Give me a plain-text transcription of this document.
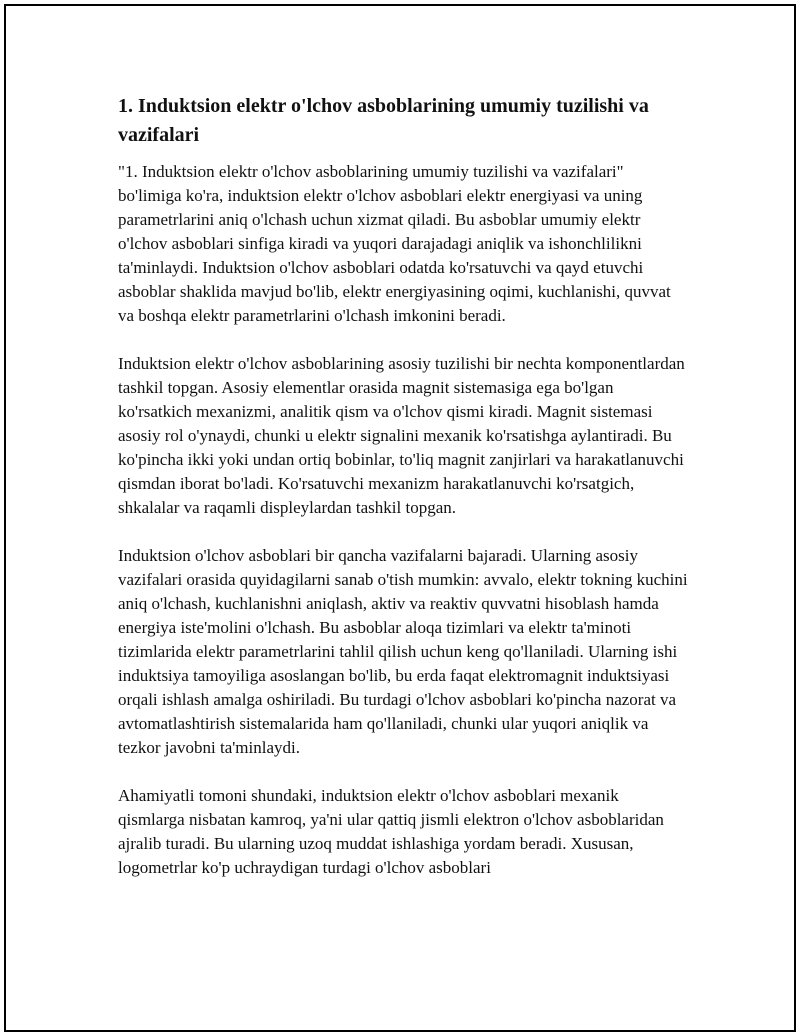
1. Induktsion elektr o'lchov asboblarining umumiy tuzilishi va vazifalari

"1. Induktsion elektr o'lchov asboblarining umumiy tuzilishi va vazifalari" bo'limiga ko'ra, induktsion elektr o'lchov asboblari elektr energiyasi va uning parametrlarini aniq o'lchash uchun xizmat qiladi. Bu asboblar umumiy elektr o'lchov asboblari sinfiga kiradi va yuqori darajadagi aniqlik va ishonchlilikni ta'minlaydi. Induktsion o'lchov asboblari odatda ko'rsatuvchi va qayd etuvchi asboblar shaklida mavjud bo'lib, elektr energiyasining oqimi, kuchlanishi, quvvat va boshqa elektr parametrlarini o'lchash imkonini beradi.

Induktsion elektr o'lchov asboblarining asosiy tuzilishi bir nechta komponentlardan tashkil topgan. Asosiy elementlar orasida magnit sistemasiga ega bo'lgan ko'rsatkich mexanizmi, analitik qism va o'lchov qismi kiradi. Magnit sistemasi asosiy rol o'ynaydi, chunki u elektr signalini mexanik ko'rsatishga aylantiradi. Bu ko'pincha ikki yoki undan ortiq bobinlar, to'liq magnit zanjirlari va harakatlanuvchi qismdan iborat bo'ladi. Ko'rsatuvchi mexanizm harakatlanuvchi ko'rsatgich, shkalalar va raqamli displeylardan tashkil topgan.

Induktsion o'lchov asboblari bir qancha vazifalarni bajaradi. Ularning asosiy vazifalari orasida quyidagilarni sanab o'tish mumkin: avvalo, elektr tokning kuchini aniq o'lchash, kuchlanishni aniqlash, aktiv va reaktiv quvvatni hisoblash hamda energiya iste'molini o'lchash. Bu asboblar aloqa tizimlari va elektr ta'minoti tizimlarida elektr parametrlarini tahlil qilish uchun keng qo'llaniladi. Ularning ishi induktsiya tamoyiliga asoslangan bo'lib, bu erda faqat elektromagnit induktsiyasi orqali ishlash amalga oshiriladi. Bu turdagi o'lchov asboblari ko'pincha nazorat va avtomatlashtirish sistemalarida ham qo'llaniladi, chunki ular yuqori aniqlik va tezkor javobni ta'minlaydi.

Ahamiyatli tomoni shundaki, induktsion elektr o'lchov asboblari mexanik qismlarga nisbatan kamroq, ya'ni ular qattiq jismli elektron o'lchov asboblaridan ajralib turadi. Bu ularning uzoq muddat ishlashiga yordam beradi. Xususan, logometrlar ko'p uchraydigan turdagi o'lchov asboblari
